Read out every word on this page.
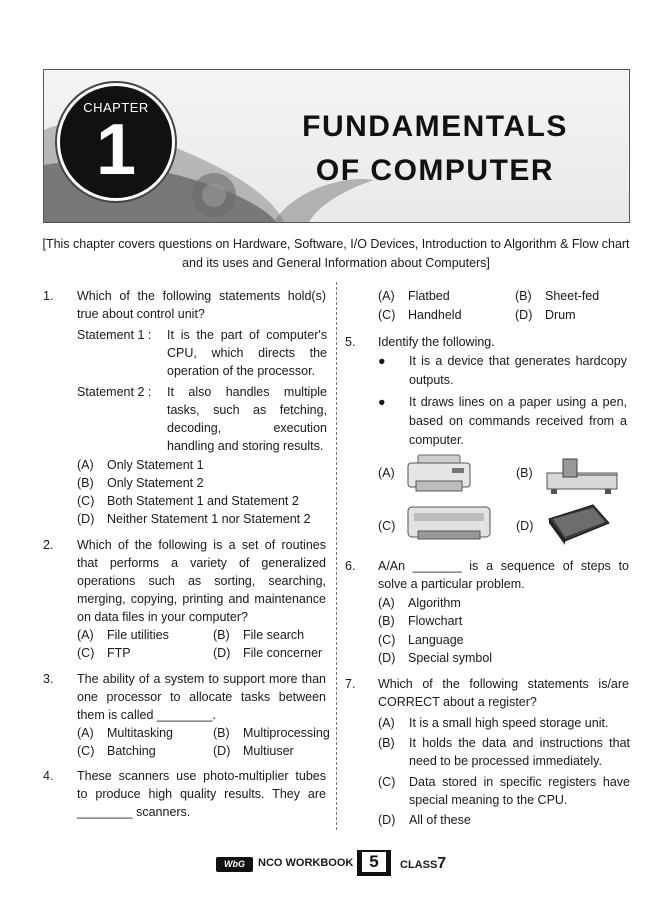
CHAPTER
1	FUNDAMENTALS
OF COMPUTER
[This chapter covers questions on Hardware, Software, I/O Devices, Introduction to Algorithm & Flow chart and its uses and General Information about Computers]
1. Which of the following statements hold(s) true about control unit?
Statement 1 : It is the part of computer's CPU, which directs the operation of the processor.
Statement 2 : It also handles multiple tasks, such as fetching, decoding, execution handling and storing results.
(A) Only Statement 1
(B) Only Statement 2
(C) Both Statement 1 and Statement 2
(D) Neither Statement 1 nor Statement 2
2. Which of the following is a set of routines that performs a variety of generalized operations such as sorting, searching, merging, copying, printing and maintenance on data files in your computer?
(A) File utilities	(B) File search
(C) FTP	(D) File concerner
3. The ability of a system to support more than one processor to allocate tasks between them is called ________.
(A) Multitasking	(B) Multiprocessing
(C) Batching	(D) Multiuser
4. These scanners use photo-multiplier tubes to produce high quality results. They are ________ scanners.
(A) Flatbed	(B) Sheet-fed
(C) Handheld	(D) Drum
5. Identify the following.
● It is a device that generates hardcopy outputs.
● It draws lines on a paper using a pen, based on commands received from a computer.
(A)	(B)
(C)	(D)
6. A/An _______ is a sequence of steps to solve a particular problem.
(A) Algorithm
(B) Flowchart
(C) Language
(D) Special symbol
7. Which of the following statements is/are CORRECT about a register?
(A) It is a small high speed storage unit.
(B) It holds the data and instructions that need to be processed immediately.
(C) Data stored in specific registers have special meaning to the CPU.
(D) All of these
WbG	NCO WORKBOOK 5	CLASS7
